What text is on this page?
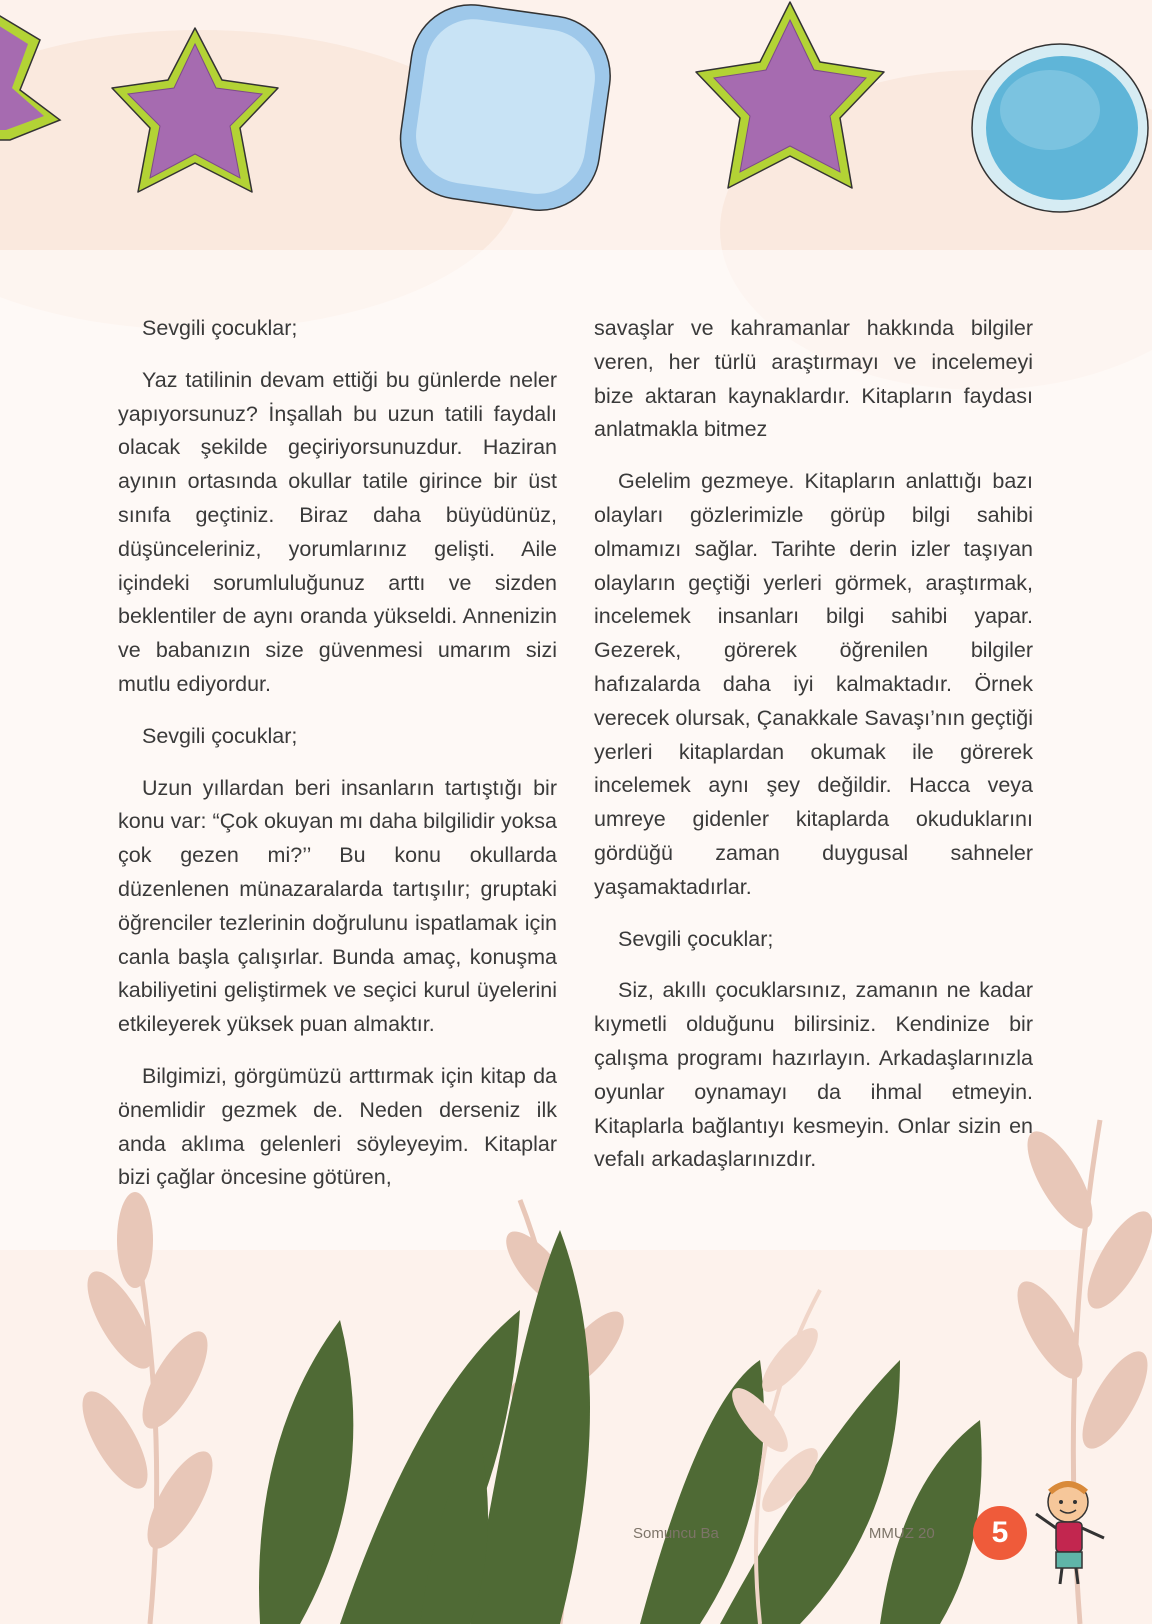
Sevgili çocuklar;

Yaz tatilinin devam ettiği bu günlerde neler yapıyorsunuz? İnşallah bu uzun tatili faydalı olacak şekilde geçiriyorsunuzdur. Haziran ayının ortasında okullar tatile girince bir üst sınıfa geçtiniz. Biraz daha büyüdünüz, düşünceleriniz, yorumlarınız gelişti. Aile içindeki sorumluluğunuz arttı ve sizden beklentiler de aynı oranda yükseldi. Annenizin ve babanızın size güvenmesi umarım sizi mutlu ediyordur.

Sevgili çocuklar;

Uzun yıllardan beri insanların tartıştığı bir konu var: “Çok okuyan mı daha bilgilidir yoksa çok gezen mi?’’ Bu konu okullarda düzenlenen münazaralarda tartışılır; gruptaki öğrenciler tezlerinin doğrulunu ispatlamak için canla başla çalışırlar. Bunda amaç, konuşma kabiliyetini geliştirmek ve seçici kurul üyelerini etkileyerek yüksek puan almaktır.

Bilgimizi, görgümüzü arttırmak için kitap da önemlidir gezmek de. Neden derseniz ilk anda aklıma gelenleri söyleyeyim. Kitaplar bizi çağlar öncesine götüren,

savaşlar ve kahramanlar hakkında bilgiler veren, her türlü araştırmayı ve incelemeyi bize aktaran kaynaklardır. Kitapların faydası anlatmakla bitmez

Gelelim gezmeye. Kitapların anlattığı bazı olayları gözlerimizle görüp bilgi sahibi olmamızı sağlar. Tarihte derin izler taşıyan olayların geçtiği yerleri görmek, araştırmak, incelemek insanları bilgi sahibi yapar. Gezerek, görerek öğrenilen bilgiler hafızalarda daha iyi kalmaktadır. Örnek verecek olursak, Çanakkale Savaşı’nın geçtiği yerleri kitaplardan okumak ile görerek incelemek aynı şey değildir. Hacca veya umreye gidenler kitaplarda okuduklarını gördüğü zaman duygusal sahneler yaşamaktadırlar.

Sevgili çocuklar;

Siz, akıllı çocuklarsınız, zamanın ne kadar kıymetli olduğunu bilirsiniz. Kendinize bir çalışma programı hazırlayın. Arkadaşlarınızla oyunlar oynamayı da ihmal etmeyin. Kitaplarla bağlantıyı kesmeyin. Onlar sizin en vefalı arkadaşlarınızdır.

Somuncu Ba	MMUZ 20	5
